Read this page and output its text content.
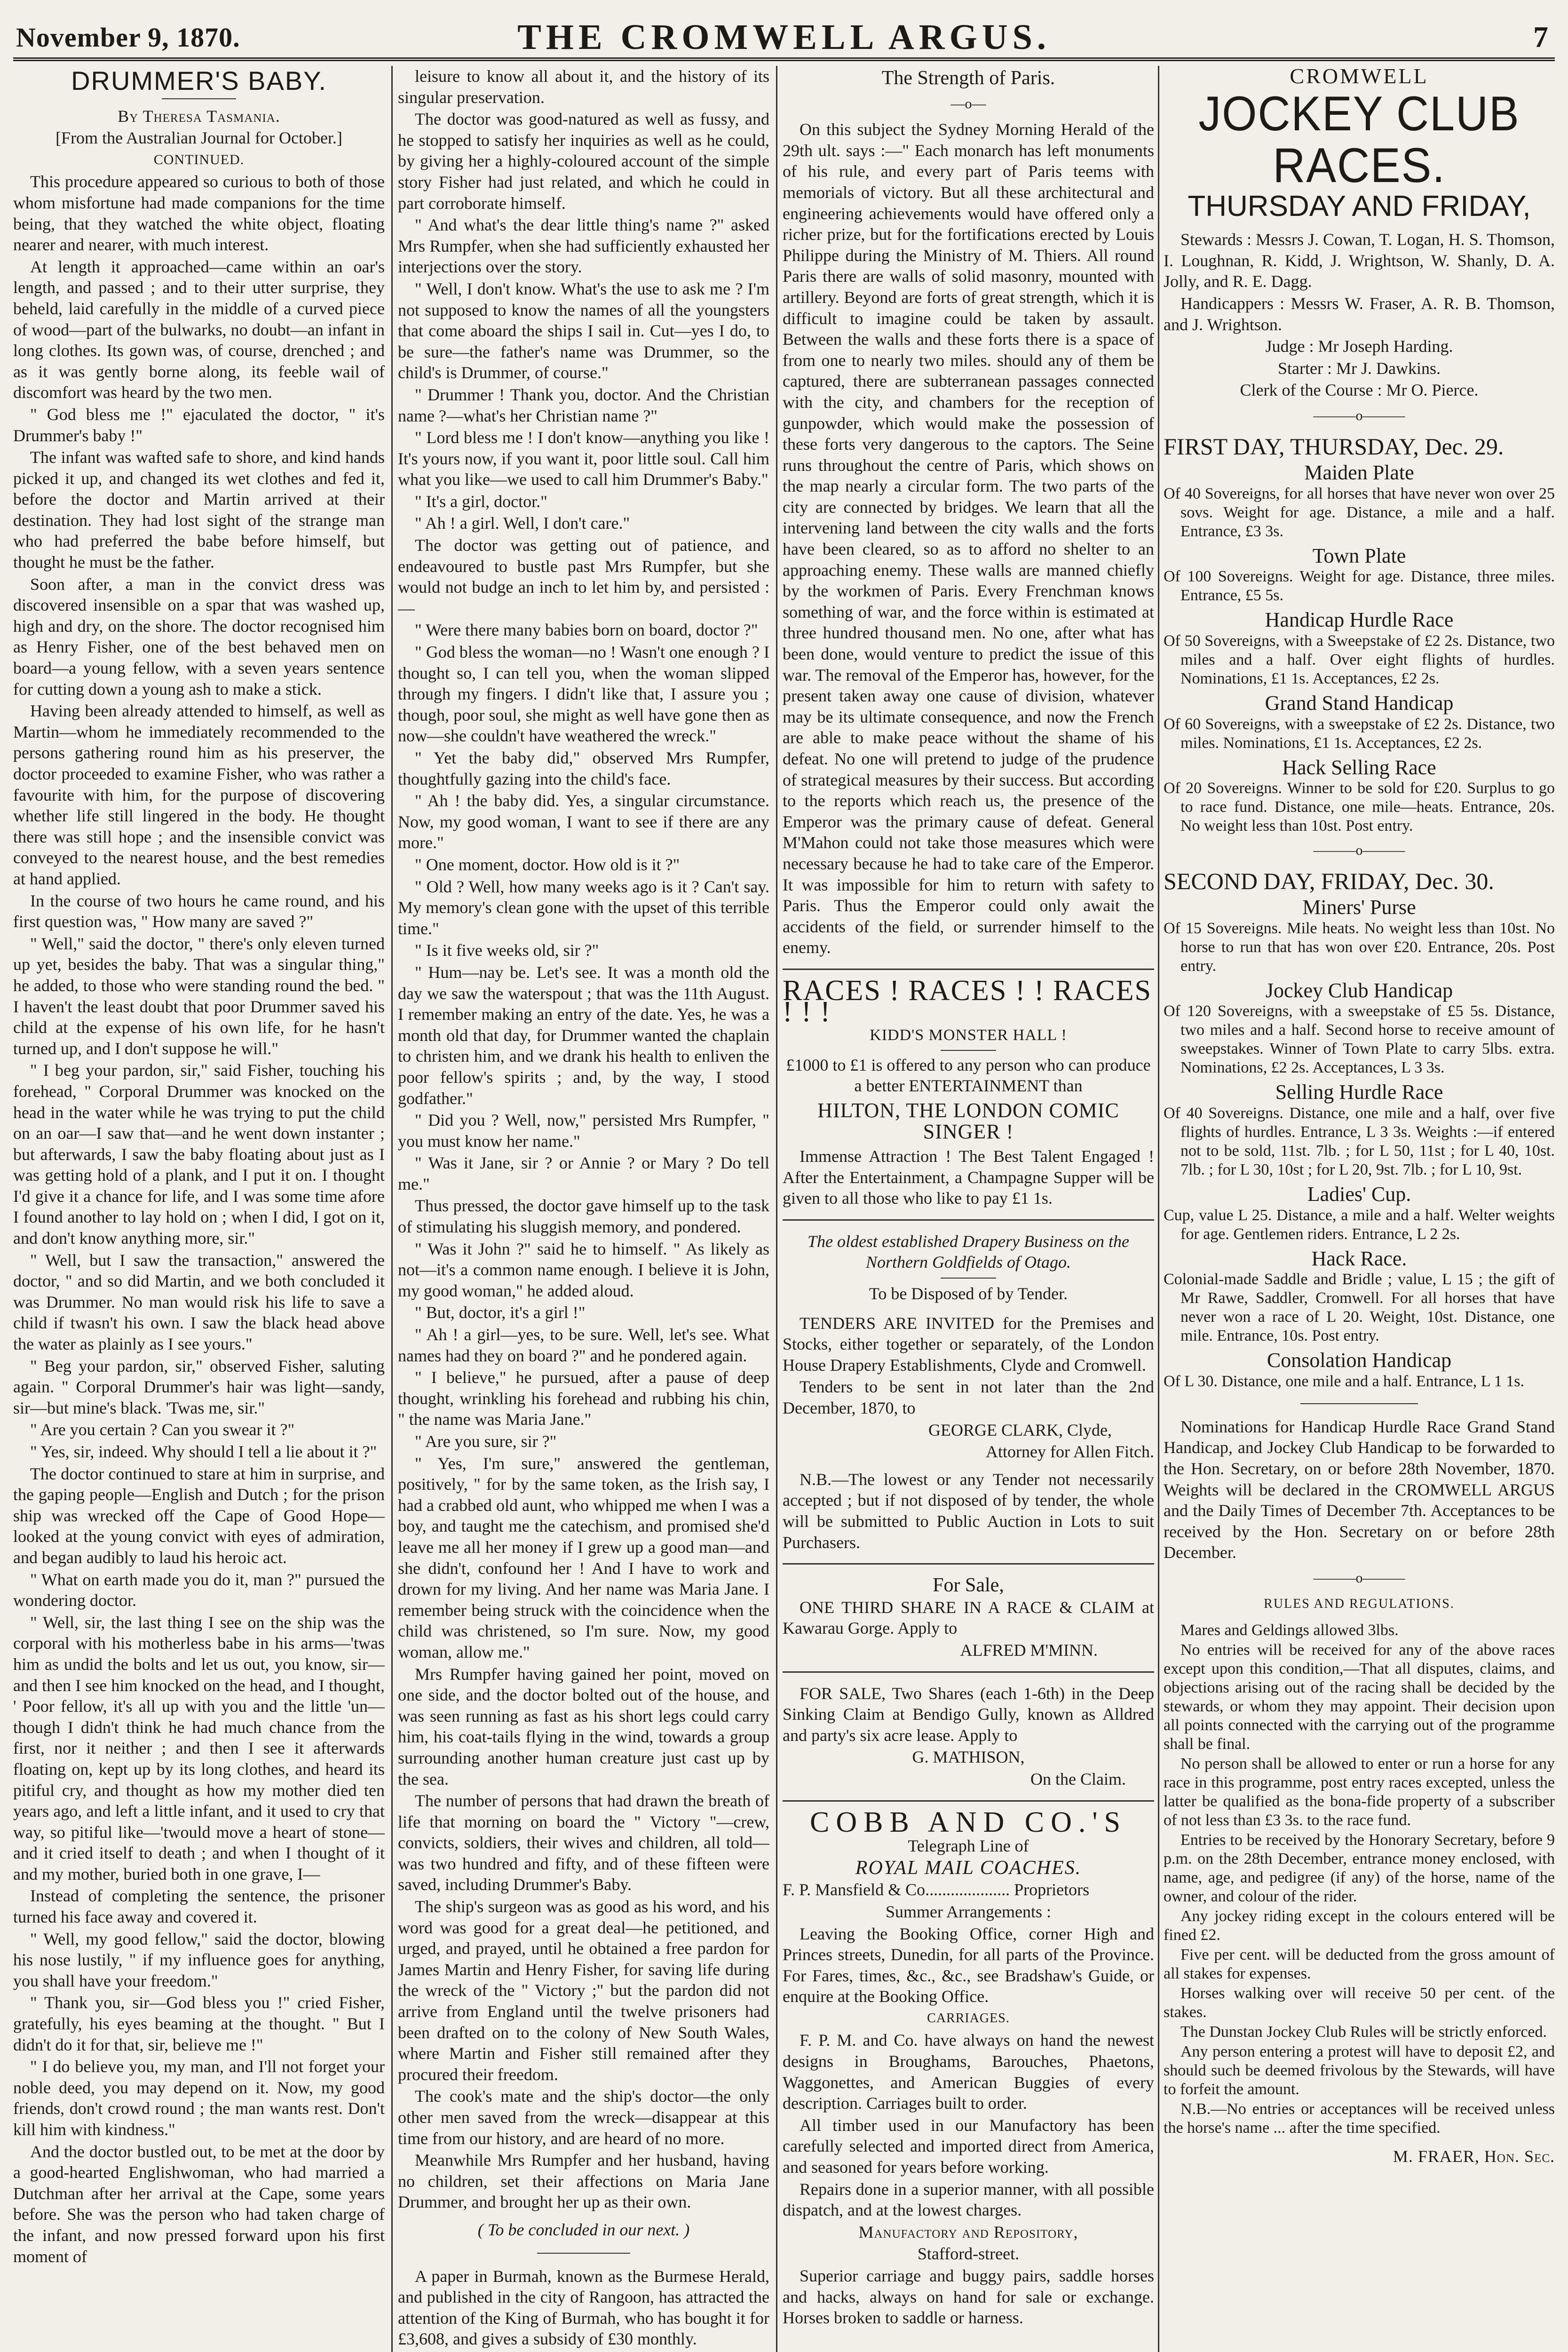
November 9, 1870.	THE CROMWELL ARGUS.	7
DRUMMER'S BABY.

By Theresa Tasmania.

[From the Australian Journal for October.]

CONTINUED.

This procedure appeared so curious to both of those whom misfortune had made companions for the time being, that they watched the white object, floating nearer and nearer, with much interest.

At length it approached—came within an oar's length, and passed ; and to their utter surprise, they beheld, laid carefully in the middle of a curved piece of wood—part of the bulwarks, no doubt—an infant in long clothes. Its gown was, of course, drenched ; and as it was gently borne along, its feeble wail of discomfort was heard by the two men.

" God bless me !" ejaculated the doctor, " it's Drummer's baby !"

The infant was wafted safe to shore, and kind hands picked it up, and changed its wet clothes and fed it, before the doctor and Martin arrived at their destination. They had lost sight of the strange man who had preferred the babe before himself, but thought he must be the father.

Soon after, a man in the convict dress was discovered insensible on a spar that was washed up, high and dry, on the shore. The doctor recognised him as Henry Fisher, one of the best behaved men on board—a young fellow, with a seven years sentence for cutting down a young ash to make a stick.

Having been already attended to himself, as well as Martin—whom he immediately recommended to the persons gathering round him as his preserver, the doctor proceeded to examine Fisher, who was rather a favourite with him, for the purpose of discovering whether life still lingered in the body. He thought there was still hope ; and the insensible convict was conveyed to the nearest house, and the best remedies at hand applied.

In the course of two hours he came round, and his first question was, " How many are saved ?"

" Well," said the doctor, " there's only eleven turned up yet, besides the baby. That was a singular thing," he added, to those who were standing round the bed. " I haven't the least doubt that poor Drummer saved his child at the expense of his own life, for he hasn't turned up, and I don't suppose he will."

" I beg your pardon, sir," said Fisher, touching his forehead, " Corporal Drummer was knocked on the head in the water while he was trying to put the child on an oar—I saw that—and he went down instanter ; but afterwards, I saw the baby floating about just as I was getting hold of a plank, and I put it on. I thought I'd give it a chance for life, and I was some time afore I found another to lay hold on ; when I did, I got on it, and don't know anything more, sir."

" Well, but I saw the transaction," answered the doctor, " and so did Martin, and we both concluded it was Drummer. No man would risk his life to save a child if twasn't his own. I saw the black head above the water as plainly as I see yours."

" Beg your pardon, sir," observed Fisher, saluting again. " Corporal Drummer's hair was light—sandy, sir—but mine's black. 'Twas me, sir."

" Are you certain ? Can you swear it ?"

" Yes, sir, indeed. Why should I tell a lie about it ?"

The doctor continued to stare at him in surprise, and the gaping people—English and Dutch ; for the prison ship was wrecked off the Cape of Good Hope—looked at the young convict with eyes of admiration, and began audibly to laud his heroic act.

" What on earth made you do it, man ?" pursued the wondering doctor.

" Well, sir, the last thing I see on the ship was the corporal with his motherless babe in his arms—'twas him as undid the bolts and let us out, you know, sir—and then I see him knocked on the head, and I thought, ' Poor fellow, it's all up with you and the little 'un—though I didn't think he had much chance from the first, nor it neither ; and then I see it afterwards floating on, kept up by its long clothes, and heard its pitiful cry, and thought as how my mother died ten years ago, and left a little infant, and it used to cry that way, so pitiful like—'twould move a heart of stone—and it cried itself to death ; and when I thought of it and my mother, buried both in one grave, I—

Instead of completing the sentence, the prisoner turned his face away and covered it.

" Well, my good fellow," said the doctor, blowing his nose lustily, " if my influence goes for anything, you shall have your freedom."

" Thank you, sir—God bless you !" cried Fisher, gratefully, his eyes beaming at the thought. " But I didn't do it for that, sir, believe me !"

" I do believe you, my man, and I'll not forget your noble deed, you may depend on it. Now, my good friends, don't crowd round ; the man wants rest. Don't kill him with kindness."

And the doctor bustled out, to be met at the door by a good-hearted Englishwoman, who had married a Dutchman after her arrival at the Cape, some years before. She was the person who had taken charge of the infant, and now pressed forward upon his first moment of

leisure to know all about it, and the history of its singular preservation.

The doctor was good-natured as well as fussy, and he stopped to satisfy her inquiries as well as he could, by giving her a highly-coloured account of the simple story Fisher had just related, and which he could in part corroborate himself.

" And what's the dear little thing's name ?" asked Mrs Rumpfer, when she had sufficiently exhausted her interjections over the story.

" Well, I don't know. What's the use to ask me ? I'm not supposed to know the names of all the youngsters that come aboard the ships I sail in. Cut—yes I do, to be sure—the father's name was Drummer, so the child's is Drummer, of course."

" Drummer ! Thank you, doctor. And the Christian name ?—what's her Christian name ?"

" Lord bless me ! I don't know—anything you like ! It's yours now, if you want it, poor little soul. Call him what you like—we used to call him Drummer's Baby."

" It's a girl, doctor."

" Ah ! a girl. Well, I don't care."

The doctor was getting out of patience, and endeavoured to bustle past Mrs Rumpfer, but she would not budge an inch to let him by, and persisted :—

" Were there many babies born on board, doctor ?"

" God bless the woman—no ! Wasn't one enough ? I thought so, I can tell you, when the woman slipped through my fingers. I didn't like that, I assure you ; though, poor soul, she might as well have gone then as now—she couldn't have weathered the wreck."

" Yet the baby did," observed Mrs Rumpfer, thoughtfully gazing into the child's face.

" Ah ! the baby did. Yes, a singular circumstance. Now, my good woman, I want to see if there are any more."

" One moment, doctor. How old is it ?"

" Old ? Well, how many weeks ago is it ? Can't say. My memory's clean gone with the upset of this terrible time."

" Is it five weeks old, sir ?"

" Hum—nay be. Let's see. It was a month old the day we saw the waterspout ; that was the 11th August. I remember making an entry of the date. Yes, he was a month old that day, for Drummer wanted the chaplain to christen him, and we drank his health to enliven the poor fellow's spirits ; and, by the way, I stood godfather."

" Did you ? Well, now," persisted Mrs Rumpfer, " you must know her name."

" Was it Jane, sir ? or Annie ? or Mary ? Do tell me."

Thus pressed, the doctor gave himself up to the task of stimulating his sluggish memory, and pondered.

" Was it John ?" said he to himself. " As likely as not—it's a common name enough. I believe it is John, my good woman," he added aloud.

" But, doctor, it's a girl !"

" Ah ! a girl—yes, to be sure. Well, let's see. What names had they on board ?" and he pondered again.

" I believe," he pursued, after a pause of deep thought, wrinkling his forehead and rubbing his chin, " the name was Maria Jane."

" Are you sure, sir ?"

" Yes, I'm sure," answered the gentleman, positively, " for by the same token, as the Irish say, I had a crabbed old aunt, who whipped me when I was a boy, and taught me the catechism, and promised she'd leave me all her money if I grew up a good man—and she didn't, confound her ! And I have to work and drown for my living. And her name was Maria Jane. I remember being struck with the coincidence when the child was christened, so I'm sure. Now, my good woman, allow me."

Mrs Rumpfer having gained her point, moved on one side, and the doctor bolted out of the house, and was seen running as fast as his short legs could carry him, his coat-tails flying in the wind, towards a group surrounding another human creature just cast up by the sea.

The number of persons that had drawn the breath of life that morning on board the " Victory "—crew, convicts, soldiers, their wives and children, all told—was two hundred and fifty, and of these fifteen were saved, including Drummer's Baby.

The ship's surgeon was as good as his word, and his word was good for a great deal—he petitioned, and urged, and prayed, until he obtained a free pardon for James Martin and Henry Fisher, for saving life during the wreck of the " Victory ;" but the pardon did not arrive from England until the twelve prisoners had been drafted on to the colony of New South Wales, where Martin and Fisher still remained after they procured their freedom.

The cook's mate and the ship's doctor—the only other men saved from the wreck—disappear at this time from our history, and are heard of no more.

Meanwhile Mrs Rumpfer and her husband, having no children, set their affections on Maria Jane Drummer, and brought her up as their own.

( To be concluded in our next. )

A paper in Burmah, known as the Burmese Herald, and published in the city of Rangoon, has attracted the attention of the King of Burmah, who has bought it for £3,608, and gives a subsidy of £30 monthly.

The Strength of Paris.

—o—

On this subject the Sydney Morning Herald of the 29th ult. says :—" Each monarch has left monuments of his rule, and every part of Paris teems with memorials of victory. But all these architectural and engineering achievements would have offered only a richer prize, but for the fortifications erected by Louis Philippe during the Ministry of M. Thiers. All round Paris there are walls of solid masonry, mounted with artillery. Beyond are forts of great strength, which it is difficult to imagine could be taken by assault. Between the walls and these forts there is a space of from one to nearly two miles. should any of them be captured, there are subterranean passages connected with the city, and chambers for the reception of gunpowder, which would make the possession of these forts very dangerous to the captors. The Seine runs throughout the centre of Paris, which shows on the map nearly a circular form. The two parts of the city are connected by bridges. We learn that all the intervening land between the city walls and the forts have been cleared, so as to afford no shelter to an approaching enemy. These walls are manned chiefly by the workmen of Paris. Every Frenchman knows something of war, and the force within is estimated at three hundred thousand men. No one, after what has been done, would venture to predict the issue of this war. The removal of the Emperor has, however, for the present taken away one cause of division, whatever may be its ultimate consequence, and now the French are able to make peace without the shame of his defeat. No one will pretend to judge of the prudence of strategical measures by their success. But according to the reports which reach us, the presence of the Emperor was the primary cause of defeat. General M'Mahon could not take those measures which were necessary because he had to take care of the Emperor. It was impossible for him to return with safety to Paris. Thus the Emperor could only await the accidents of the field, or surrender himself to the enemy.

RACES ! RACES ! ! RACES ! ! !

KIDD'S MONSTER HALL !

£1000 to £1 is offered to any person who can produce a better ENTERTAINMENT than

HILTON, THE LONDON COMIC SINGER !

Immense Attraction ! The Best Talent Engaged ! After the Entertainment, a Champagne Supper will be given to all those who like to pay £1 1s.

The oldest established Drapery Business on the Northern Goldfields of Otago.

To be Disposed of by Tender.

TENDERS ARE INVITED for the Premises and Stocks, either together or separately, of the London House Drapery Establishments, Clyde and Cromwell.

Tenders to be sent in not later than the 2nd December, 1870, to

GEORGE CLARK, Clyde,

Attorney for Allen Fitch.

N.B.—The lowest or any Tender not necessarily accepted ; but if not disposed of by tender, the whole will be submitted to Public Auction in Lots to suit Purchasers.

For Sale,

ONE THIRD SHARE IN A RACE & CLAIM at Kawarau Gorge. Apply to

ALFRED M'MINN.

FOR SALE, Two Shares (each 1-6th) in the Deep Sinking Claim at Bendigo Gully, known as Alldred and party's six acre lease. Apply to

G. MATHISON,

On the Claim.

COBB AND CO.'S

Telegraph Line of

ROYAL MAIL COACHES.

F. P. Mansfield & Co.................... Proprietors

Summer Arrangements :

Leaving the Booking Office, corner High and Princes streets, Dunedin, for all parts of the Province. For Fares, times, &c., &c., see Bradshaw's Guide, or enquire at the Booking Office.

CARRIAGES.

F. P. M. and Co. have always on hand the newest designs in Broughams, Barouches, Phaetons, Waggonettes, and American Buggies of every description. Carriages built to order.

All timber used in our Manufactory has been carefully selected and imported direct from America, and seasoned for years before working.

Repairs done in a superior manner, with all possible dispatch, and at the lowest charges.

Manufactory and Repository,

Stafford-street.

Superior carriage and buggy pairs, saddle horses and hacks, always on hand for sale or exchange. Horses broken to saddle or harness.

CROMWELL

JOCKEY CLUB RACES.

THURSDAY AND FRIDAY,

Stewards : Messrs J. Cowan, T. Logan, H. S. Thomson, I. Loughnan, R. Kidd, J. Wrightson, W. Shanly, D. A. Jolly, and R. E. Dagg.

Handicappers : Messrs W. Fraser, A. R. B. Thomson, and J. Wrightson.

Judge : Mr Joseph Harding.

Starter : Mr J. Dawkins.

Clerk of the Course : Mr O. Pierce.

———o———

FIRST DAY, THURSDAY, Dec. 29.

Maiden Plate

Of 40 Sovereigns, for all horses that have never won over 25 sovs. Weight for age. Distance, a mile and a half. Entrance, £3 3s.

Town Plate

Of 100 Sovereigns. Weight for age. Distance, three miles. Entrance, £5 5s.

Handicap Hurdle Race

Of 50 Sovereigns, with a Sweepstake of £2 2s. Distance, two miles and a half. Over eight flights of hurdles. Nominations, £1 1s. Acceptances, £2 2s.

Grand Stand Handicap

Of 60 Sovereigns, with a sweepstake of £2 2s. Distance, two miles. Nominations, £1 1s. Acceptances, £2 2s.

Hack Selling Race

Of 20 Sovereigns. Winner to be sold for £20. Surplus to go to race fund. Distance, one mile—heats. Entrance, 20s. No weight less than 10st. Post entry.

———o———

SECOND DAY, FRIDAY, Dec. 30.

Miners' Purse

Of 15 Sovereigns. Mile heats. No weight less than 10st. No horse to run that has won over £20. Entrance, 20s. Post entry.

Jockey Club Handicap

Of 120 Sovereigns, with a sweepstake of £5 5s. Distance, two miles and a half. Second horse to receive amount of sweepstakes. Winner of Town Plate to carry 5lbs. extra. Nominations, £2 2s. Acceptances, L 3 3s.

Selling Hurdle Race

Of 40 Sovereigns. Distance, one mile and a half, over five flights of hurdles. Entrance, L 3 3s. Weights :—if entered not to be sold, 11st. 7lb. ; for L 50, 11st ; for L 40, 10st. 7lb. ; for L 30, 10st ; for L 20, 9st. 7lb. ; for L 10, 9st.

Ladies' Cup.

Cup, value L 25. Distance, a mile and a half. Welter weights for age. Gentlemen riders. Entrance, L 2 2s.

Hack Race.

Colonial-made Saddle and Bridle ; value, L 15 ; the gift of Mr Rawe, Saddler, Cromwell. For all horses that have never won a race of L 20. Weight, 10st. Distance, one mile. Entrance, 10s. Post entry.

Consolation Handicap

Of L 30. Distance, one mile and a half. Entrance, L 1 1s.

Nominations for Handicap Hurdle Race Grand Stand Handicap, and Jockey Club Handicap to be forwarded to the Hon. Secretary, on or before 28th November, 1870. Weights will be declared in the CROMWELL ARGUS and the Daily Times of December 7th. Acceptances to be received by the Hon. Secretary on or before 28th December.

———o———

RULES AND REGULATIONS.

Mares and Geldings allowed 3lbs.

No entries will be received for any of the above races except upon this condition,—That all disputes, claims, and objections arising out of the racing shall be decided by the stewards, or whom they may appoint. Their decision upon all points connected with the carrying out of the programme shall be final.

No person shall be allowed to enter or run a horse for any race in this programme, post entry races excepted, unless the latter be qualified as the bona-fide property of a subscriber of not less than £3 3s. to the race fund.

Entries to be received by the Honorary Secretary, before 9 p.m. on the 28th December, entrance money enclosed, with name, age, and pedigree (if any) of the horse, name of the owner, and colour of the rider.

Any jockey riding except in the colours entered will be fined £2.

Five per cent. will be deducted from the gross amount of all stakes for expenses.

Horses walking over will receive 50 per cent. of the stakes.

The Dunstan Jockey Club Rules will be strictly enforced.

Any person entering a protest will have to deposit £2, and should such be deemed frivolous by the Stewards, will have to forfeit the amount.

N.B.—No entries or acceptances will be received unless the horse's name ... after the time specified.

M. FRAER, Hon. Sec.
